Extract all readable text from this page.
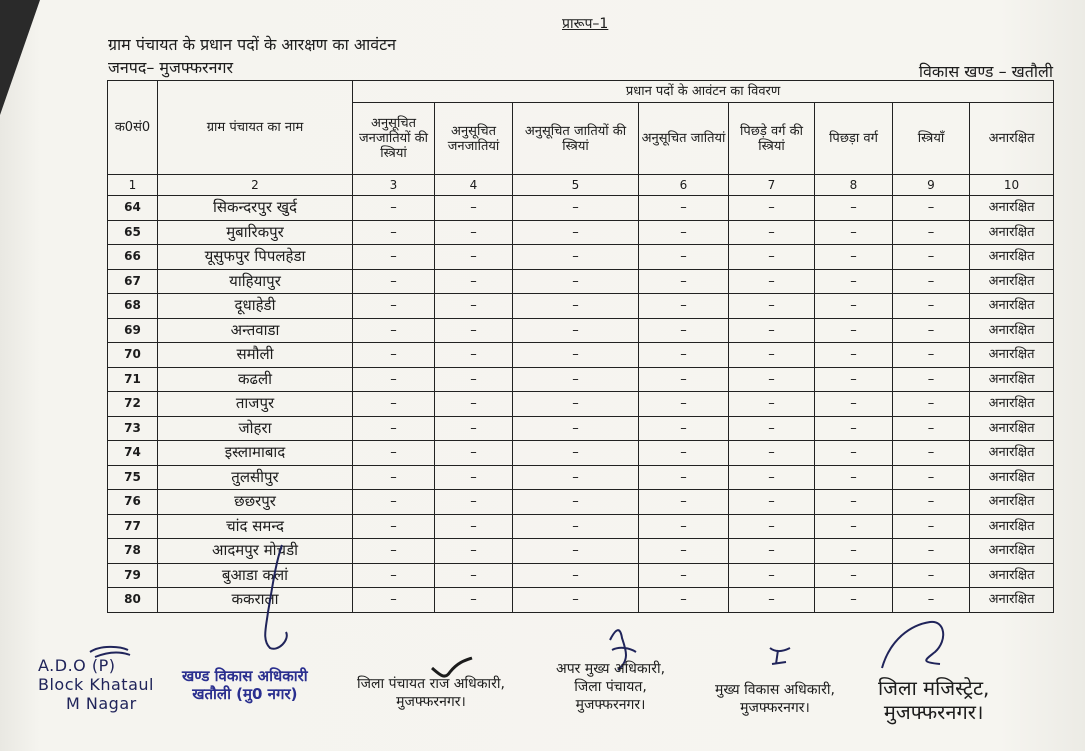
प्रारूप–1
ग्राम पंचायत के प्रधान पदों के आरक्षण का आवंटन
जनपद– मुजफ्फरनगर	विकास खण्ड – खतौली
क0सं0	ग्राम पंचायत का नाम	प्रधान पदों के आवंटन का विवरण							
		अनुसूचित जनजातियों की स्त्रियां	अनुसूचित जनजातियां	अनुसूचित जातियों की स्त्रियां	अनुसूचित जातियां	पिछड़े वर्ग की स्त्रियां	पिछड़ा वर्ग	स्त्रियाँ	अनारक्षित
1	2	3	4	5	6	7	8	9	10
64	सिकन्दरपुर खुर्द	–	–	–	–	–	–	–	अनारक्षित
65	मुबारिकपुर	–	–	–	–	–	–	–	अनारक्षित
66	यूसुफपुर पिपलहेडा	–	–	–	–	–	–	–	अनारक्षित
67	याहियापुर	–	–	–	–	–	–	–	अनारक्षित
68	दूधाहेडी	–	–	–	–	–	–	–	अनारक्षित
69	अन्तवाडा	–	–	–	–	–	–	–	अनारक्षित
70	समौली	–	–	–	–	–	–	–	अनारक्षित
71	कढली	–	–	–	–	–	–	–	अनारक्षित
72	ताजपुर	–	–	–	–	–	–	–	अनारक्षित
73	जोहरा	–	–	–	–	–	–	–	अनारक्षित
74	इस्लामाबाद	–	–	–	–	–	–	–	अनारक्षित
75	तुलसीपुर	–	–	–	–	–	–	–	अनारक्षित
76	छछरपुर	–	–	–	–	–	–	–	अनारक्षित
77	चांद समन्द	–	–	–	–	–	–	–	अनारक्षित
78	आदमपुर मोचडी	–	–	–	–	–	–	–	अनारक्षित
79	बुआडा कलां	–	–	–	–	–	–	–	अनारक्षित
80	ककराला	–	–	–	–	–	–	–	अनारक्षित
A.D.O (P)
Block Khataul
M Nagar
खण्ड विकास अधिकारी
खतौली (मु0 नगर)
जिला पंचायत राज अधिकारी,
मुजफ्फरनगर।
अपर मुख्य अधिकारी,
जिला पंचायत,
मुजफ्फरनगर।
मुख्य विकास अधिकारी,
मुजफ्फरनगर।
जिला मजिस्ट्रेट,
मुजफ्फरनगर।
